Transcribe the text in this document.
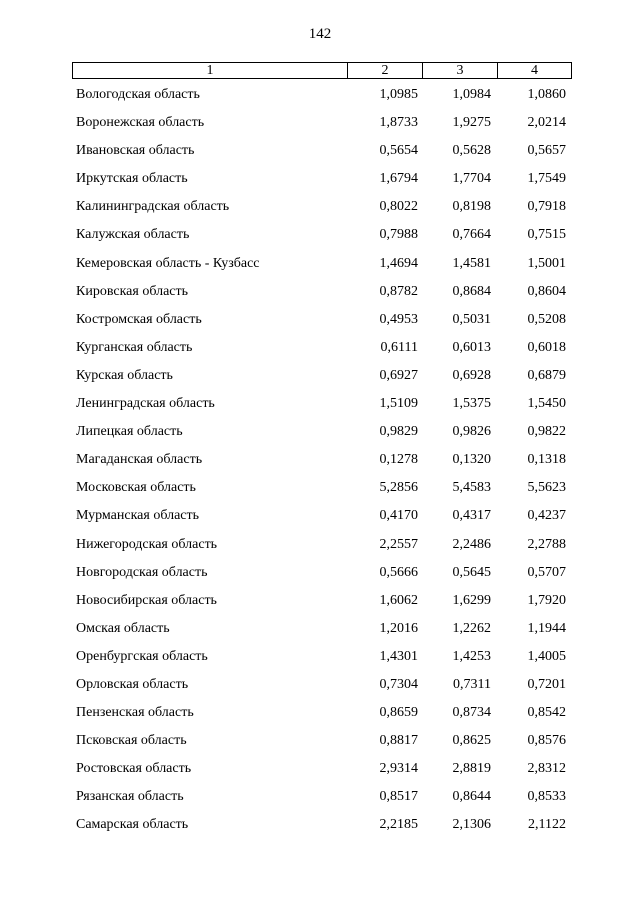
142
1	2	3	4
Вологодская область	1,0985	1,0984	1,0860
Воронежская область	1,8733	1,9275	2,0214
Ивановская область	0,5654	0,5628	0,5657
Иркутская область	1,6794	1,7704	1,7549
Калининградская область	0,8022	0,8198	0,7918
Калужская область	0,7988	0,7664	0,7515
Кемеровская область - Кузбасс	1,4694	1,4581	1,5001
Кировская область	0,8782	0,8684	0,8604
Костромская область	0,4953	0,5031	0,5208
Курганская область	0,6111	0,6013	0,6018
Курская область	0,6927	0,6928	0,6879
Ленинградская область	1,5109	1,5375	1,5450
Липецкая область	0,9829	0,9826	0,9822
Магаданская область	0,1278	0,1320	0,1318
Московская область	5,2856	5,4583	5,5623
Мурманская область	0,4170	0,4317	0,4237
Нижегородская область	2,2557	2,2486	2,2788
Новгородская область	0,5666	0,5645	0,5707
Новосибирская область	1,6062	1,6299	1,7920
Омская область	1,2016	1,2262	1,1944
Оренбургская область	1,4301	1,4253	1,4005
Орловская область	0,7304	0,7311	0,7201
Пензенская область	0,8659	0,8734	0,8542
Псковская область	0,8817	0,8625	0,8576
Ростовская область	2,9314	2,8819	2,8312
Рязанская область	0,8517	0,8644	0,8533
Самарская область	2,2185	2,1306	2,1122
